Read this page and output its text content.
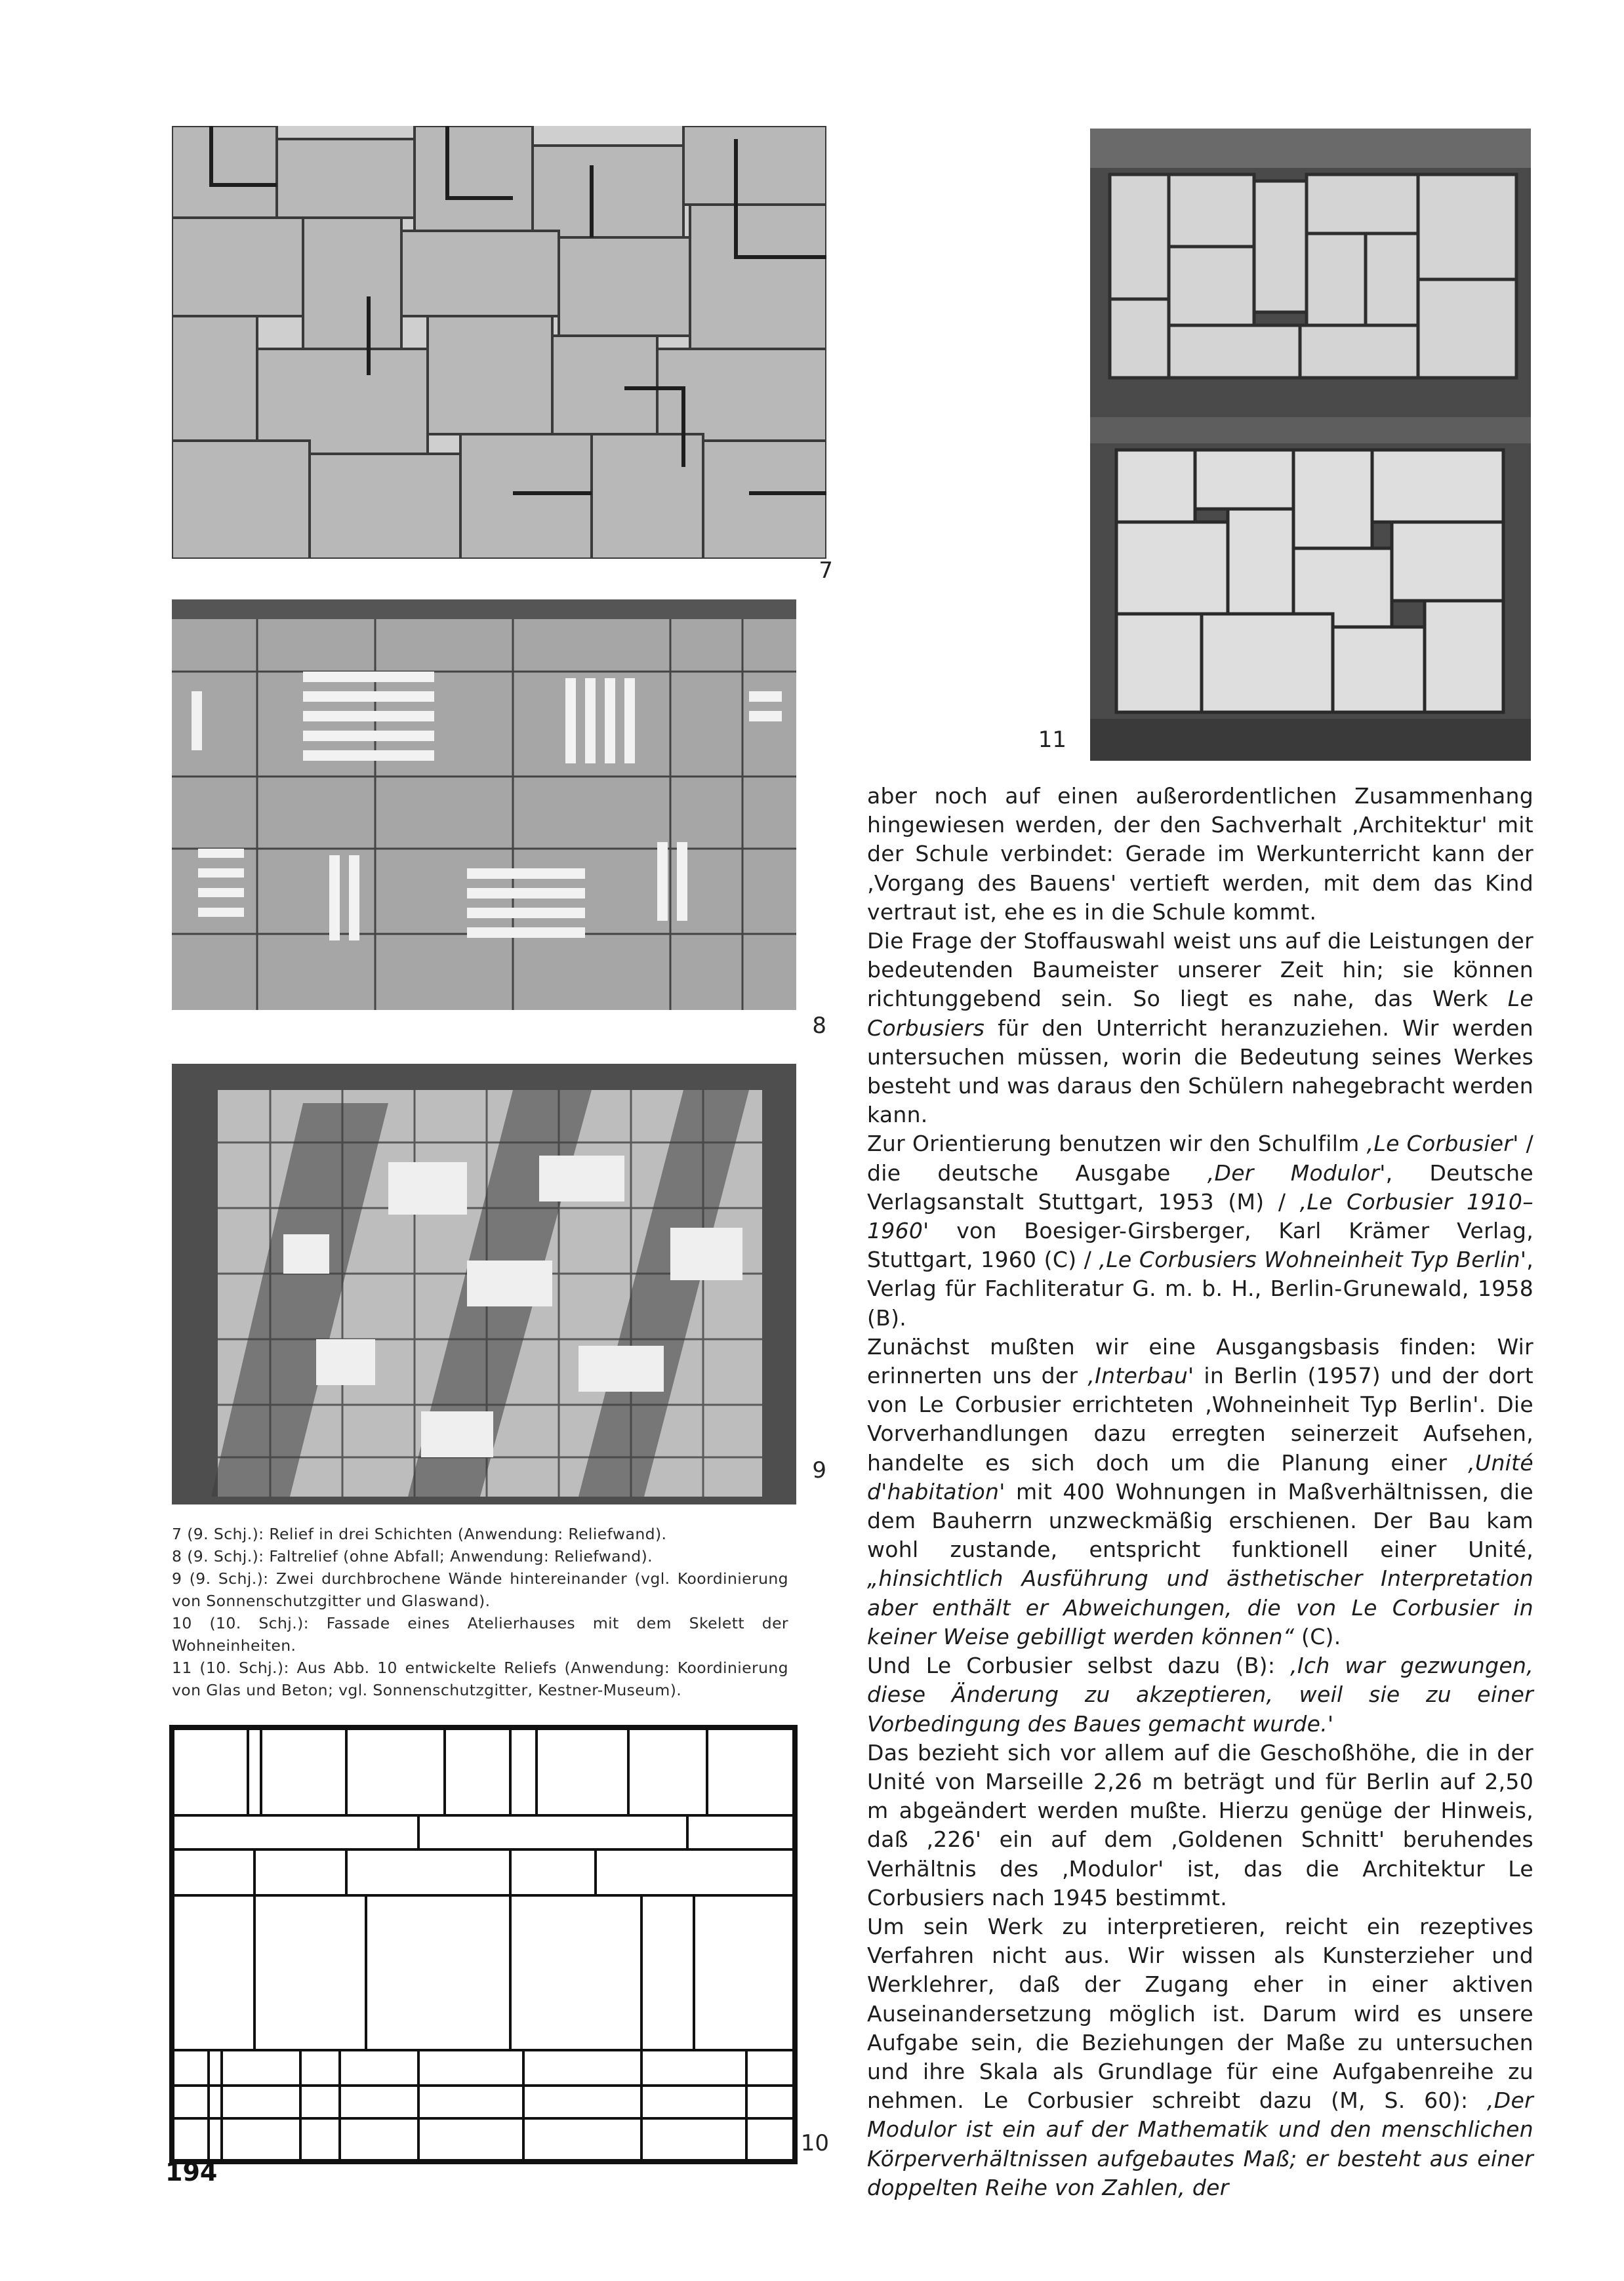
7
11
8
9

7 (9. Schj.): Relief in drei Schichten (Anwendung: Reliefwand).

8 (9. Schj.): Faltrelief (ohne Abfall; Anwendung: Reliefwand).

9 (9. Schj.): Zwei durchbrochene Wände hintereinander (vgl. Koordinierung von Sonnenschutzgitter und Glaswand).

10 (10. Schj.): Fassade eines Atelierhauses mit dem Skelett der Wohneinheiten.

11 (10. Schj.): Aus Abb. 10 entwickelte Reliefs (Anwendung: Koordinierung von Glas und Beton; vgl. Sonnenschutzgitter, Kestner-Museum).

10

aber noch auf einen außerordentlichen Zusammenhang hingewiesen werden, der den Sachverhalt ‚Architektur' mit der Schule verbindet: Gerade im Werkunterricht kann der ‚Vorgang des Bauens' vertieft werden, mit dem das Kind vertraut ist, ehe es in die Schule kommt.

Die Frage der Stoffauswahl weist uns auf die Leistungen der bedeutenden Baumeister unserer Zeit hin; sie können richtunggebend sein. So liegt es nahe, das Werk Le Corbusiers für den Unterricht heranzuziehen. Wir werden untersuchen müssen, worin die Bedeutung seines Werkes besteht und was daraus den Schülern nahegebracht werden kann.

Zur Orientierung benutzen wir den Schulfilm ‚Le Corbusier' / die deutsche Ausgabe ‚Der Modulor', Deutsche Verlagsanstalt Stuttgart, 1953 (M) / ‚Le Corbusier 1910–1960' von Boesiger-Girsberger, Karl Krämer Verlag, Stuttgart, 1960 (C) / ‚Le Corbusiers Wohneinheit Typ Berlin', Verlag für Fachliteratur G. m. b. H., Berlin-Grunewald, 1958 (B).

Zunächst mußten wir eine Ausgangsbasis finden: Wir erinnerten uns der ‚Interbau' in Berlin (1957) und der dort von Le Corbusier errichteten ‚Wohneinheit Typ Berlin'. Die Vorverhandlungen dazu erregten seinerzeit Aufsehen, handelte es sich doch um die Planung einer ‚Unité d'habitation' mit 400 Wohnungen in Maßverhältnissen, die dem Bauherrn unzweckmäßig erschienen. Der Bau kam wohl zustande, entspricht funktionell einer Unité, „hinsichtlich Ausführung und ästhetischer Interpretation aber enthält er Abweichungen, die von Le Corbusier in keiner Weise gebilligt werden können“ (C).

Und Le Corbusier selbst dazu (B): ‚Ich war gezwungen, diese Änderung zu akzeptieren, weil sie zu einer Vorbedingung des Baues gemacht wurde.'

Das bezieht sich vor allem auf die Geschoßhöhe, die in der Unité von Marseille 2,26 m beträgt und für Berlin auf 2,50 m abgeändert werden mußte. Hierzu genüge der Hinweis, daß ‚226' ein auf dem ‚Goldenen Schnitt' beruhendes Verhältnis des ‚Modulor' ist, das die Architektur Le Corbusiers nach 1945 bestimmt.

Um sein Werk zu interpretieren, reicht ein rezeptives Verfahren nicht aus. Wir wissen als Kunsterzieher und Werklehrer, daß der Zugang eher in einer aktiven Auseinandersetzung möglich ist. Darum wird es unsere Aufgabe sein, die Beziehungen der Maße zu untersuchen und ihre Skala als Grundlage für eine Aufgabenreihe zu nehmen. Le Corbusier schreibt dazu (M, S. 60): ‚Der Modulor ist ein auf der Mathematik und den menschlichen Körperverhältnissen aufgebautes Maß; er besteht aus einer doppelten Reihe von Zahlen, der

194
